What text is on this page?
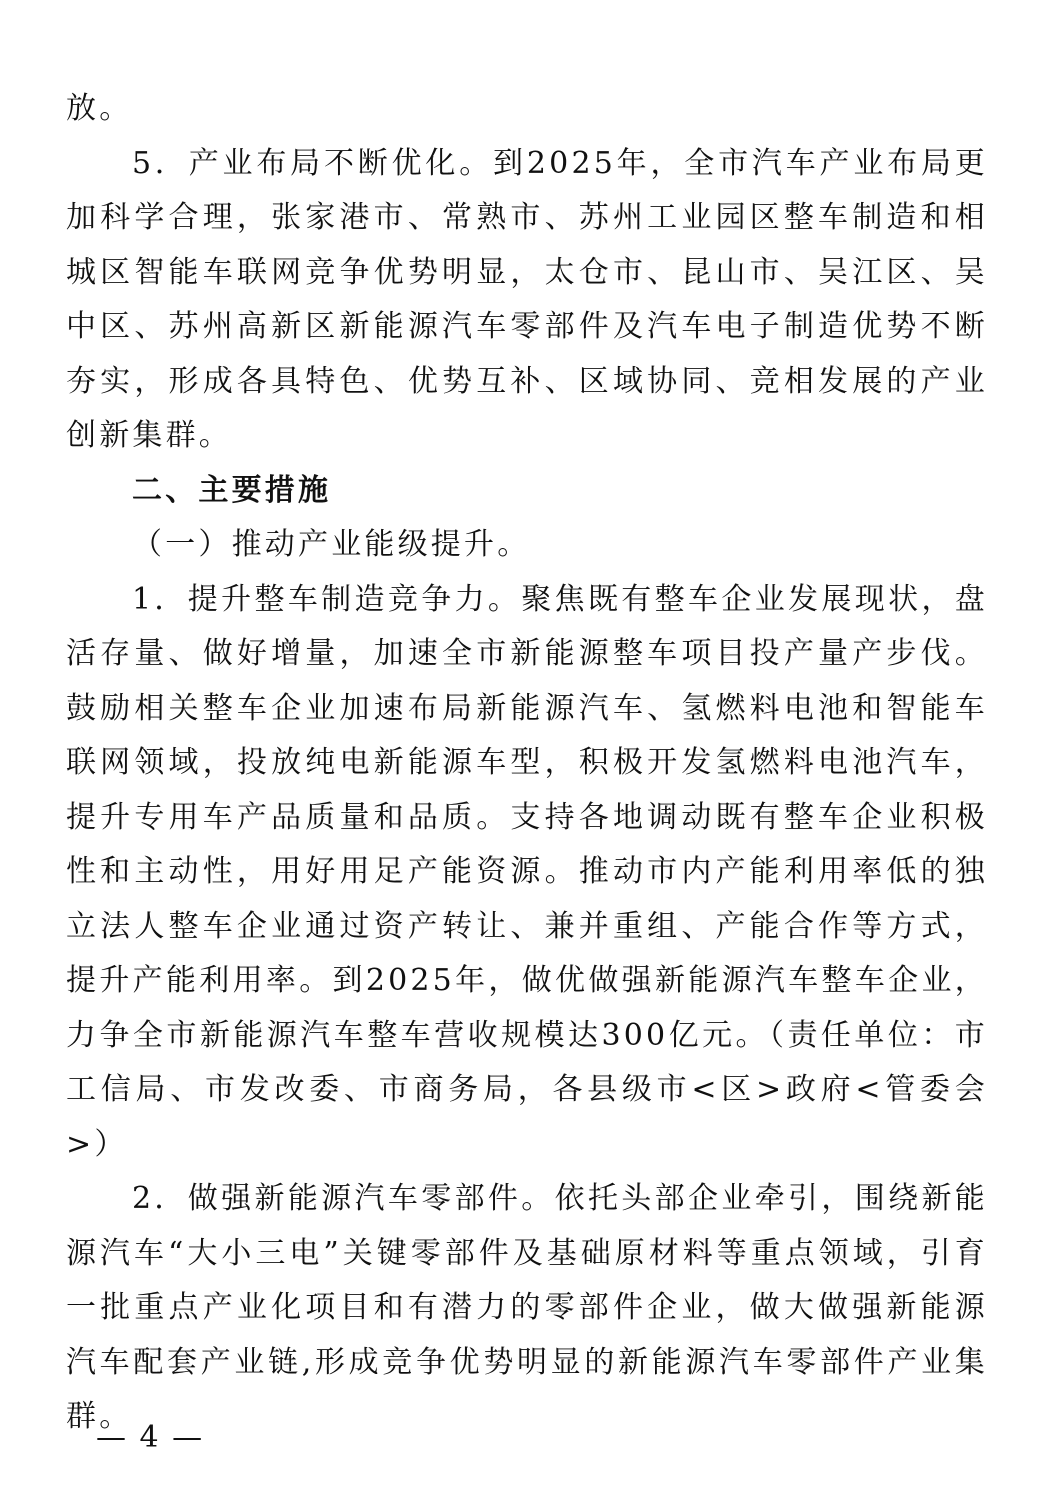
放。

5．产业布局不断优化。到2025年，全市汽车产业布局更加科学合理，张家港市、常熟市、苏州工业园区整车制造和相城区智能车联网竞争优势明显，太仓市、昆山市、吴江区、吴中区、苏州高新区新能源汽车零部件及汽车电子制造优势不断夯实，形成各具特色、优势互补、区域协同、竞相发展的产业创新集群。

二、主要措施

（一）推动产业能级提升。

1．提升整车制造竞争力。聚焦既有整车企业发展现状，盘活存量、做好增量，加速全市新能源整车项目投产量产步伐。鼓励相关整车企业加速布局新能源汽车、氢燃料电池和智能车联网领域，投放纯电新能源车型，积极开发氢燃料电池汽车，提升专用车产品质量和品质。支持各地调动既有整车企业积极性和主动性，用好用足产能资源。推动市内产能利用率低的独立法人整车企业通过资产转让、兼并重组、产能合作等方式，提升产能利用率。到2025年，做优做强新能源汽车整车企业，力争全市新能源汽车整车营收规模达300亿元。（责任单位：市工信局、市发改委、市商务局，各县级市<区>政府<管委会>）

2．做强新能源汽车零部件。依托头部企业牵引，围绕新能源汽车“大小三电”关键零部件及基础原材料等重点领域，引育一批重点产业化项目和有潜力的零部件企业，做大做强新能源汽车配套产业链,形成竞争优势明显的新能源汽车零部件产业集群。

— 4 —
